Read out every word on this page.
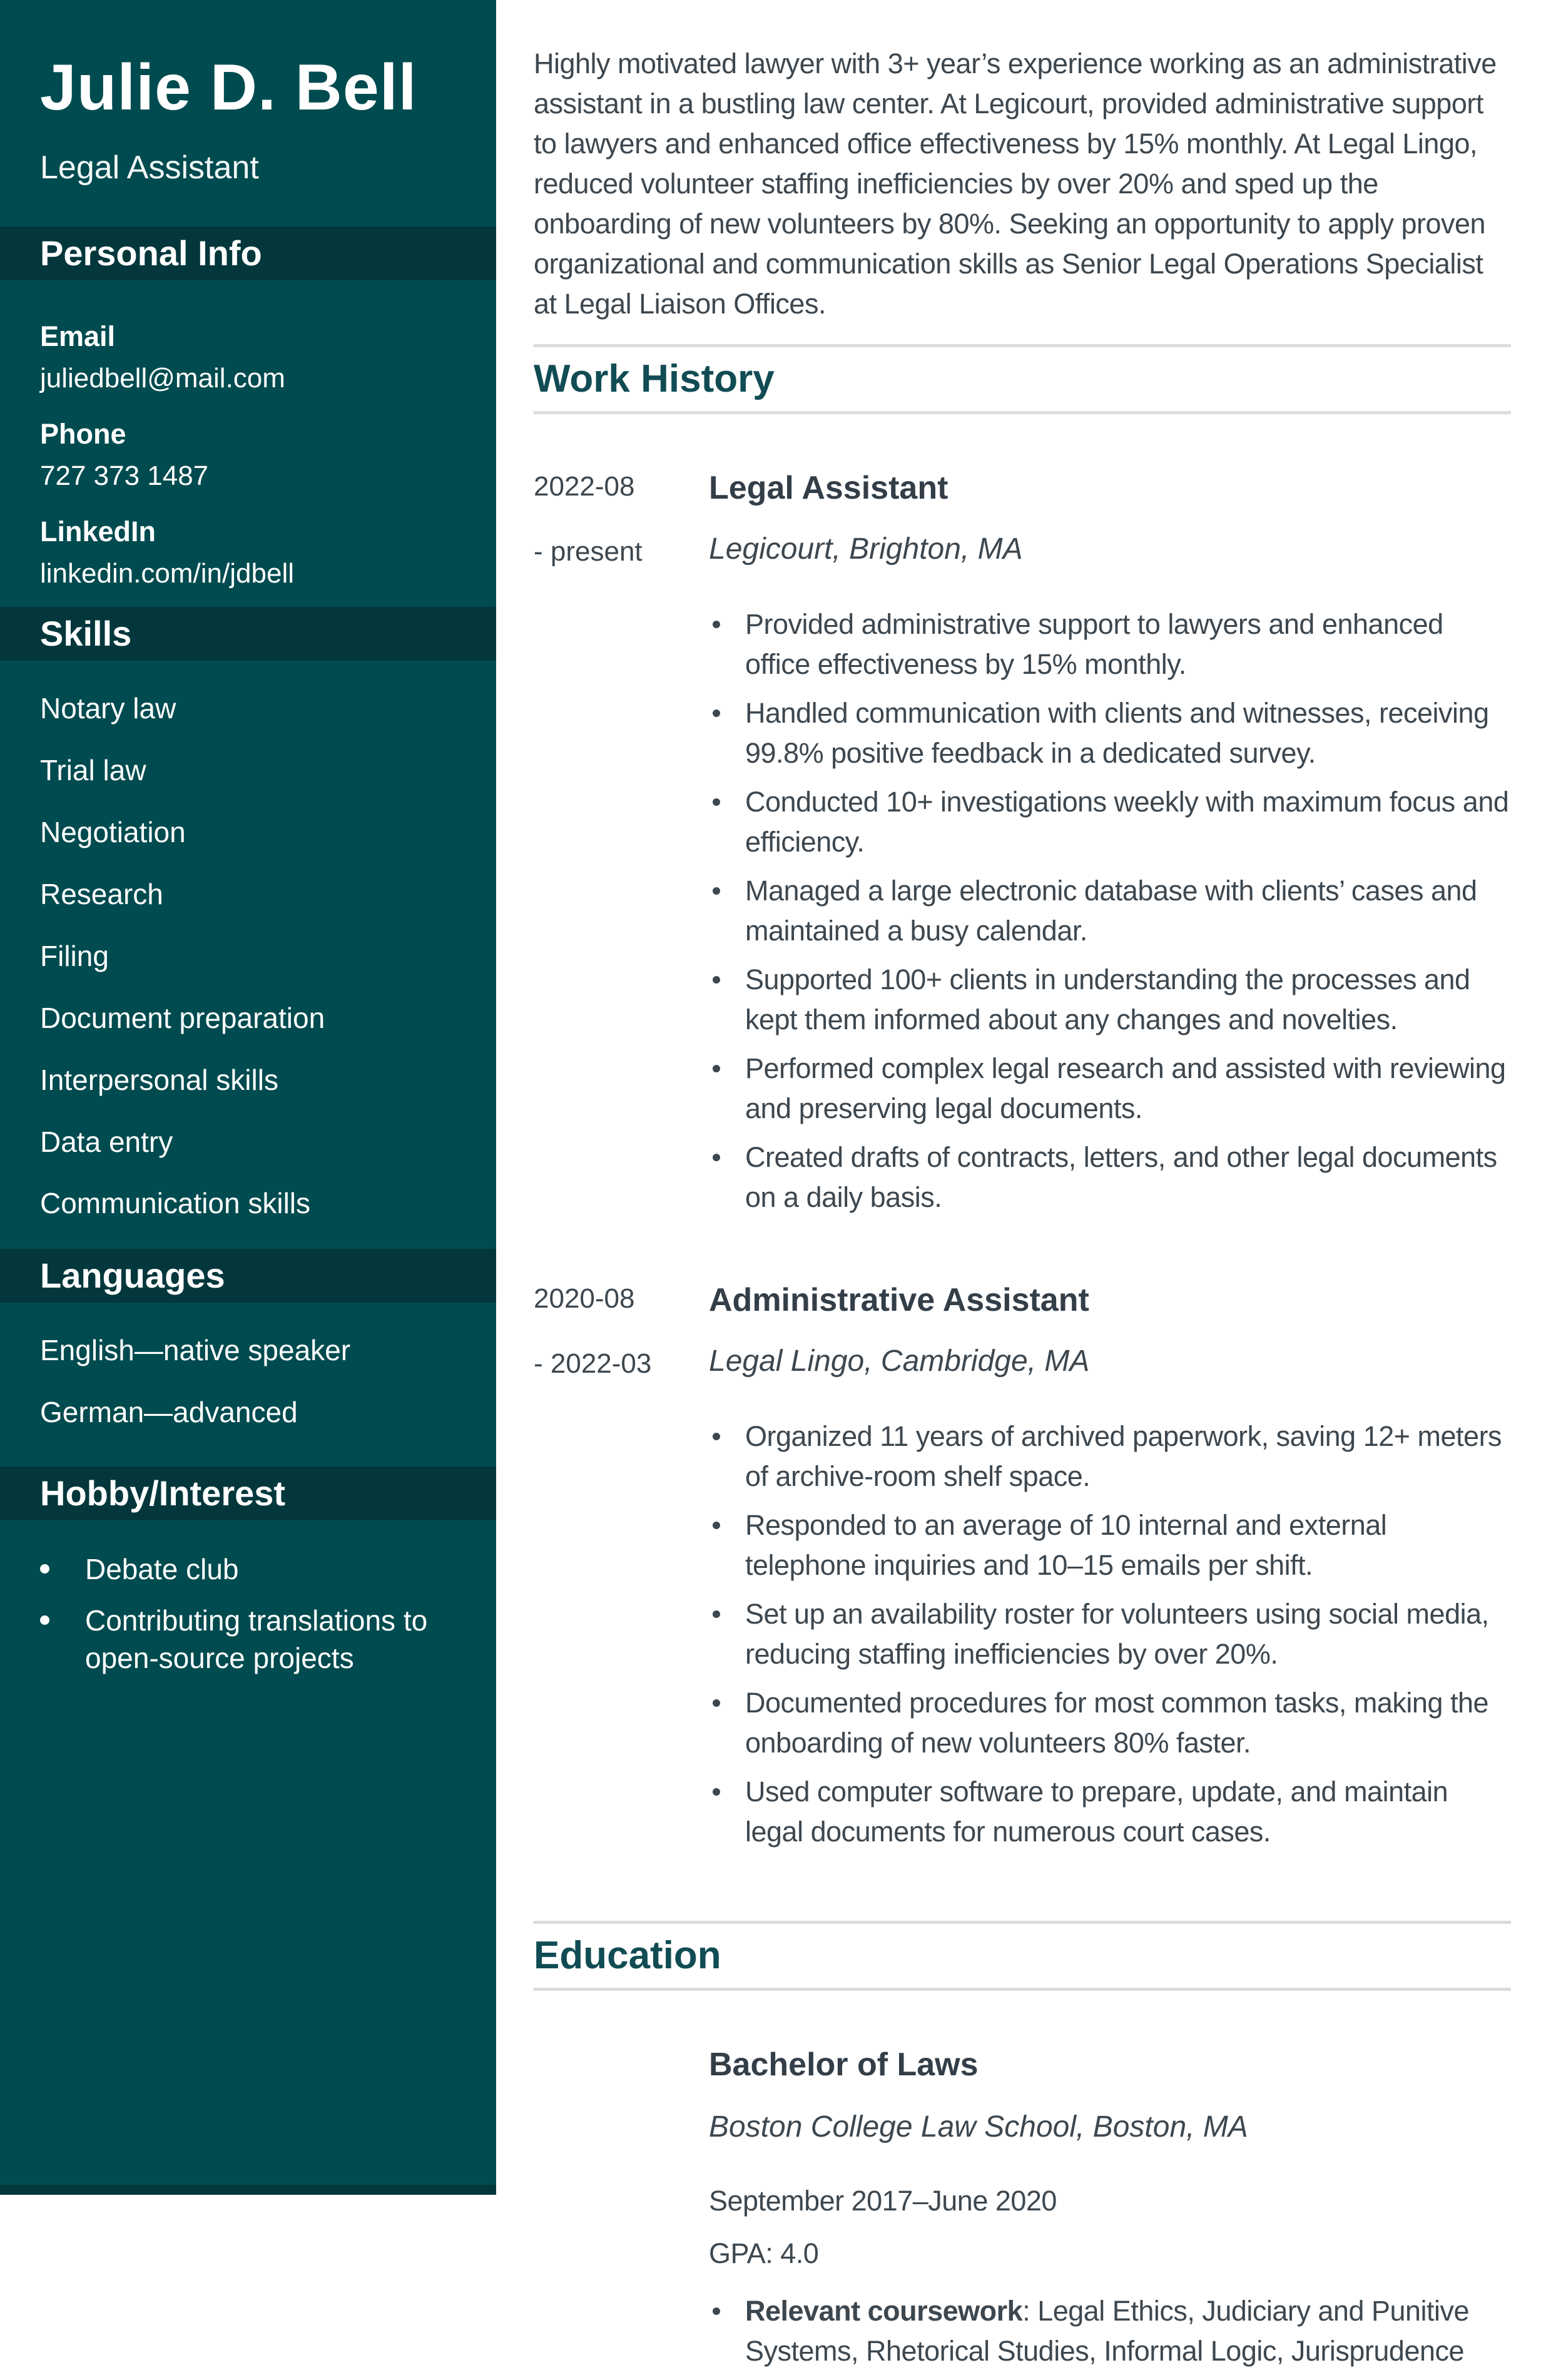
Julie D. Bell
Legal Assistant
Personal Info
Email
juliedbell@mail.com
Phone
727 373 1487
LinkedIn
linkedin.com/in/jdbell
Skills
Notary law
Trial law
Negotiation
Research
Filing
Document preparation
Interpersonal skills
Data entry
Communication skills
Languages
English—native speaker
German—advanced
Hobby/Interest
Debate club
Contributing translations to open-source projects

Highly motivated lawyer with 3+ year’s experience working as an administrative assistant in a bustling law center. At Legicourt, provided administrative support to lawyers and enhanced office effectiveness by 15% monthly. At Legal Lingo, reduced volunteer staffing inefficiencies by over 20% and sped up the onboarding of new volunteers by 80%. Seeking an opportunity to apply proven organizational and communication skills as Senior Legal Operations Specialist at Legal Liaison Offices.

Work History
2022-08
- present
Legal Assistant
Legicourt, Brighton, MA
Provided administrative support to lawyers and enhanced office effectiveness by 15% monthly.
Handled communication with clients and witnesses, receiving 99.8% positive feedback in a dedicated survey.
Conducted 10+ investigations weekly with maximum focus and efficiency.
Managed a large electronic database with clients’ cases and maintained a busy calendar.
Supported 100+ clients in understanding the processes and kept them informed about any changes and novelties.
Performed complex legal research and assisted with reviewing and preserving legal documents.
Created drafts of contracts, letters, and other legal documents on a daily basis.
2020-08
- 2022-03
Administrative Assistant
Legal Lingo, Cambridge, MA
Organized 11 years of archived paperwork, saving 12+ meters of archive-room shelf space.
Responded to an average of 10 internal and external telephone inquiries and 10–15 emails per shift.
Set up an availability roster for volunteers using social media, reducing staffing inefficiencies by over 20%.
Documented procedures for most common tasks, making the onboarding of new volunteers 80% faster.
Used computer software to prepare, update, and maintain legal documents for numerous court cases.
Education
Bachelor of Laws
Boston College Law School, Boston, MA
September 2017–June 2020
GPA: 4.0
Relevant coursework: Legal Ethics, Judiciary and Punitive Systems, Rhetorical Studies, Informal Logic, Jurisprudence
